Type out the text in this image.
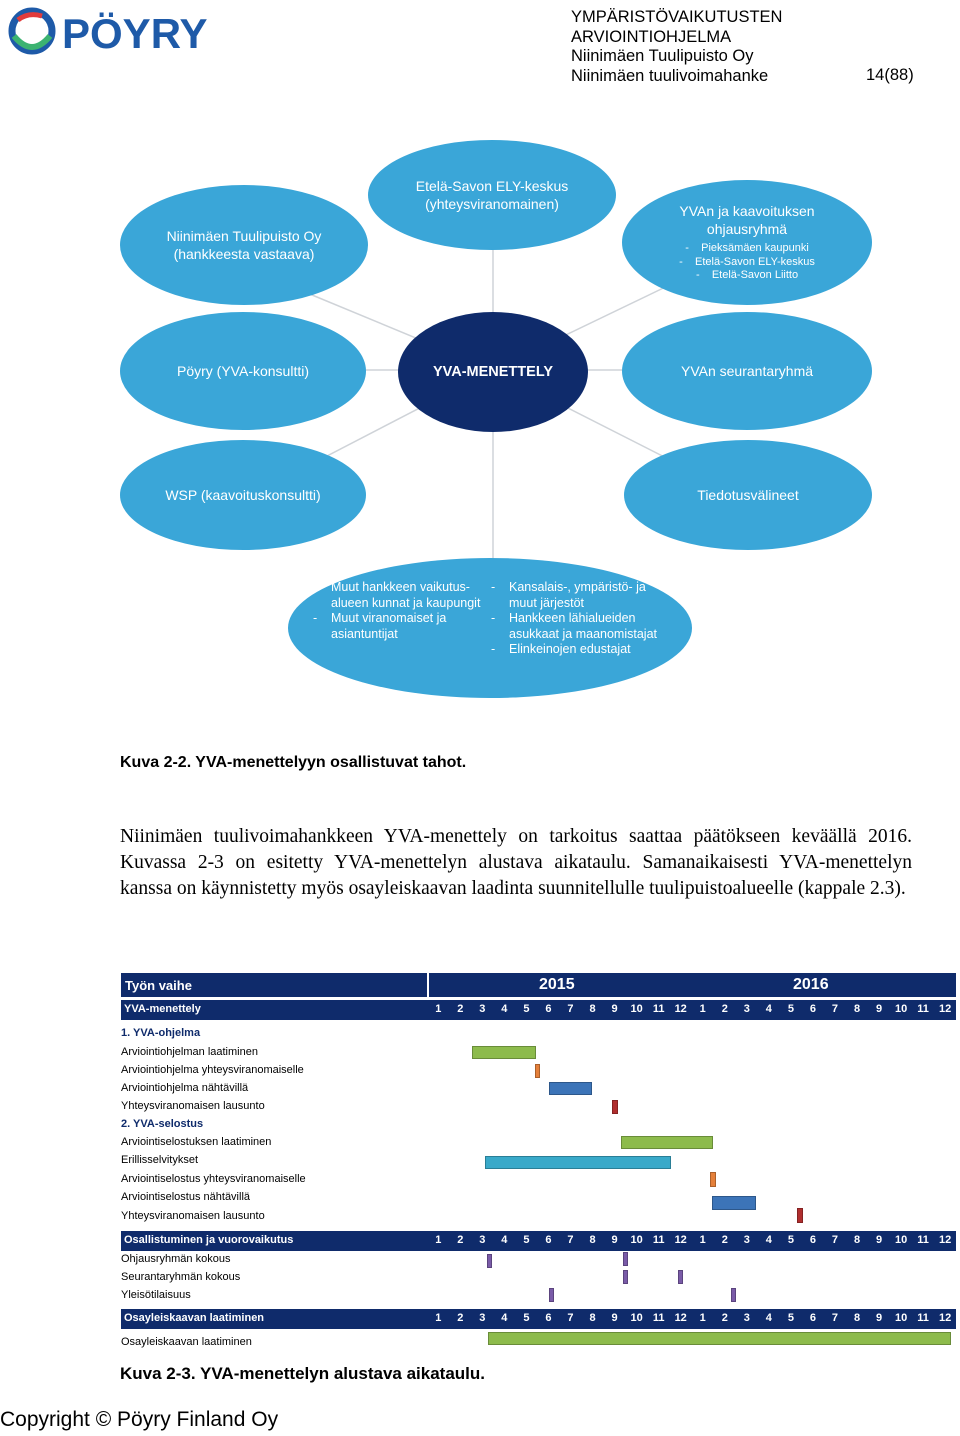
PÖYRY	YMPÄRISTÖVAIKUTUSTEN
ARVIOINTIOHJELMA
Niinimäen Tuulipuisto Oy
Niinimäen tuulivoimahanke	14(88)
Etelä-Savon ELY-keskus
(yhteysviranomainen)
Niinimäen Tuulipuisto Oy
(hankkeesta vastaava)
YVAn ja kaavoituksen
ohjausryhmä
- Pieksämäen kaupunki
- Etelä-Savon ELY-keskus
- Etelä-Savon Liitto
Pöyry (YVA-konsultti)	YVA-MENETTELY	YVAn seurantaryhmä
WSP (kaavoituskonsultti)	Tiedotusvälineet
-	Muut hankkeen vaikutus-alueen kunnat ja kaupungit
-	Muut viranomaiset ja asiantuntijat
-	Kansalais-, ympäristö- ja muut järjestöt
-	Hankkeen lähialueiden asukkaat ja maanomistajat
-	Elinkeinojen edustajat
Kuva 2-2. YVA-menettelyyn osallistuvat tahot.
Niinimäen tuulivoimahankkeen YVA-menettely on tarkoitus saattaa päätökseen keväällä 2016. Kuvassa 2-3 on esitetty YVA-menettelyn alustava aikataulu. Samanaikaisesti YVA-menettelyn kanssa on käynnistetty myös osayleiskaavan laadinta suunnitellulle tuulipuistoalueelle (kappale 2.3).
Työn vaihe	2015	2016
YVA-menettely	1	2	3	4	5	6	7	8	9	10 11 12	1	2	3	4	5	6	7	8	9	10 11 12
1. YVA-ohjelma
Arviointiohjelman laatiminen
Arviointiohjelma yhteysviranomaiselle
Arviointiohjelma nähtävillä
Yhteysviranomaisen lausunto
2. YVA-selostus
Arviointiselostuksen laatiminen
Erillisselvitykset
Arviointiselostus yhteysviranomaiselle
Arviointiselostus nähtävillä
Yhteysviranomaisen lausunto
Osallistuminen ja vuorovaikutus	1	2	3	4	5	6	7	8	9	10 11 12	1	2	3	4	5	6	7	8	9	10 11 12
Ohjausryhmän kokous
Seurantaryhmän kokous
Yleisötilaisuus
Osayleiskaavan laatiminen	1	2	3	4	5	6	7	8	9	10 11 12	1	2	3	4	5	6	7	8	9	10 11 12
Osayleiskaavan laatiminen
Kuva 2-3. YVA-menettelyn alustava aikataulu.
Copyright © Pöyry Finland Oy
